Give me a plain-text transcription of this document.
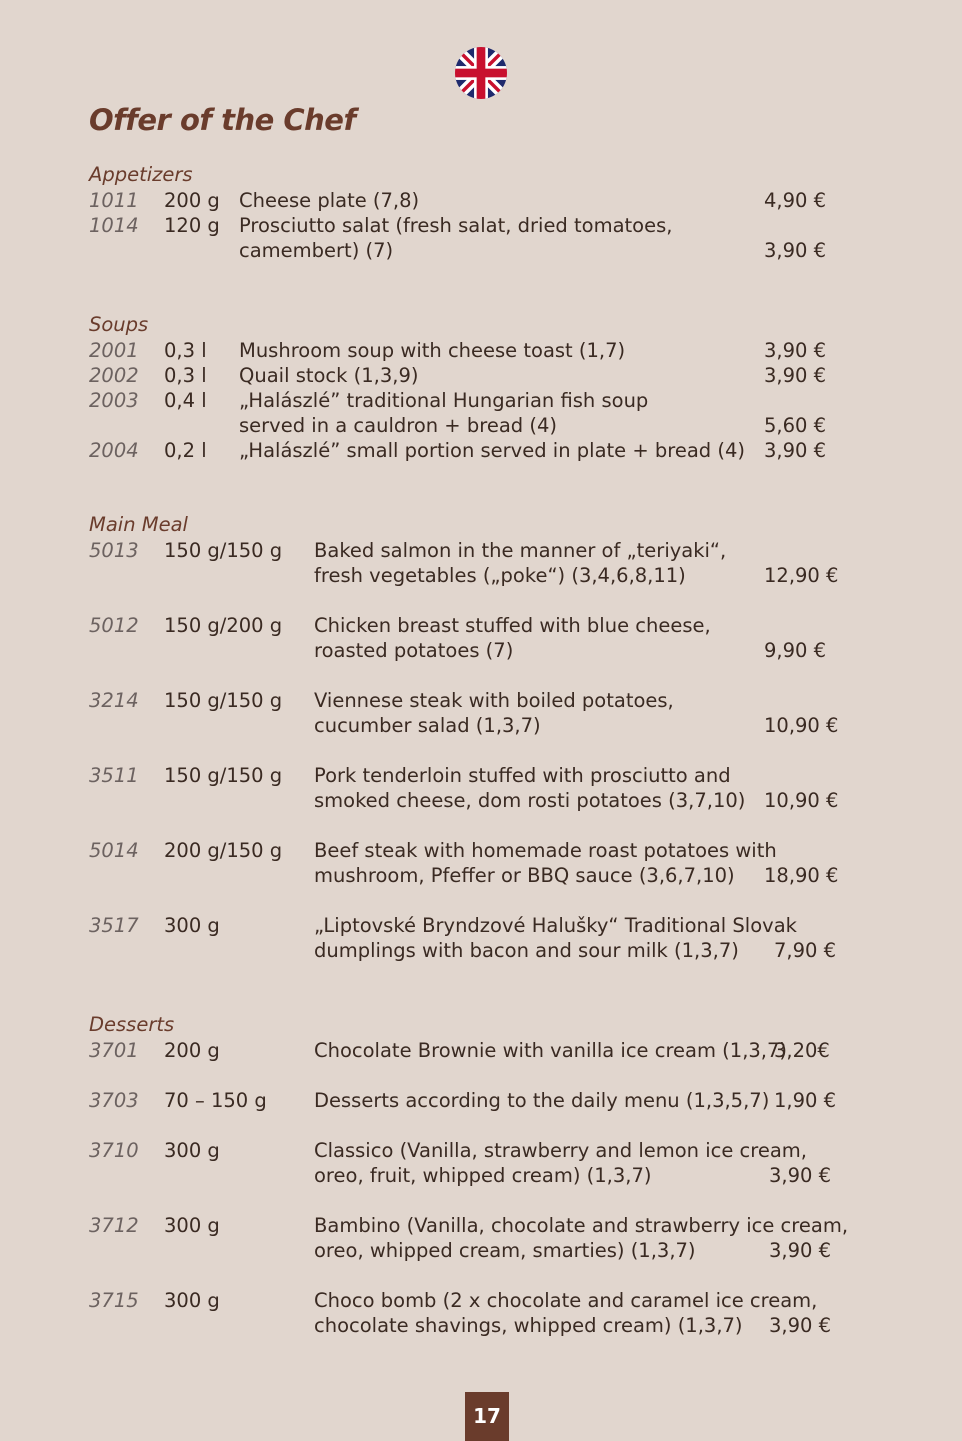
Offer of the Chef
Appetizers
1011 200 g Cheese plate (7,8)	4,90 €
1014 120 g Prosciutto salat (fresh salat, dried tomatoes,
camembert) (7)	3,90 €
Soups
2001 0,3 l Mushroom soup with cheese toast (1,7)	3,90 €
2002 0,3 l Quail stock (1,3,9)	3,90 €
2003 0,4 l „Halászlé” traditional Hungarian fish soup
served in a cauldron + bread (4)	5,60 €
2004 0,2 l „Halászlé” small portion served in plate + bread (4) 3,90 €
Main Meal
5013 150 g/150 g Baked salmon in the manner of „teriyaki“,
fresh vegetables („poke“) (3,4,6,8,11)	12,90 €
5012 150 g/200 g Chicken breast stuffed with blue cheese,
roasted potatoes (7)	9,90 €
3214 150 g/150 g Viennese steak with boiled potatoes,
cucumber salad (1,3,7)	10,90 €
3511 150 g/150 g Pork tenderloin stuffed with prosciutto and
smoked cheese, dom rosti potatoes (3,7,10) 10,90 €
5014 200 g/150 g Beef steak with homemade roast potatoes with
mushroom, Pfeffer or BBQ sauce (3,6,7,10) 18,90 €
3517 300 g	„Liptovské Bryndzové Halušky“ Traditional Slovak
dumplings with bacon and sour milk (1,3,7) 7,90 €
Desserts
3701 200 g	Chocolate Brownie with vanilla ice cream (1,3,7)
3,20€
3703 70 – 150 g Desserts according to the daily menu (1,3,5,7) 1,90 €
3710 300 g	Classico (Vanilla, strawberry and lemon ice cream,
oreo, fruit, whipped cream) (1,3,7)	3,90 €
3712 300 g	Bambino (Vanilla, chocolate and strawberry ice cream,
oreo, whipped cream, smarties) (1,3,7)	3,90 €
3715 300 g	Choco bomb (2 x chocolate and caramel ice cream,
chocolate shavings, whipped cream) (1,3,7) 3,90 €
17
